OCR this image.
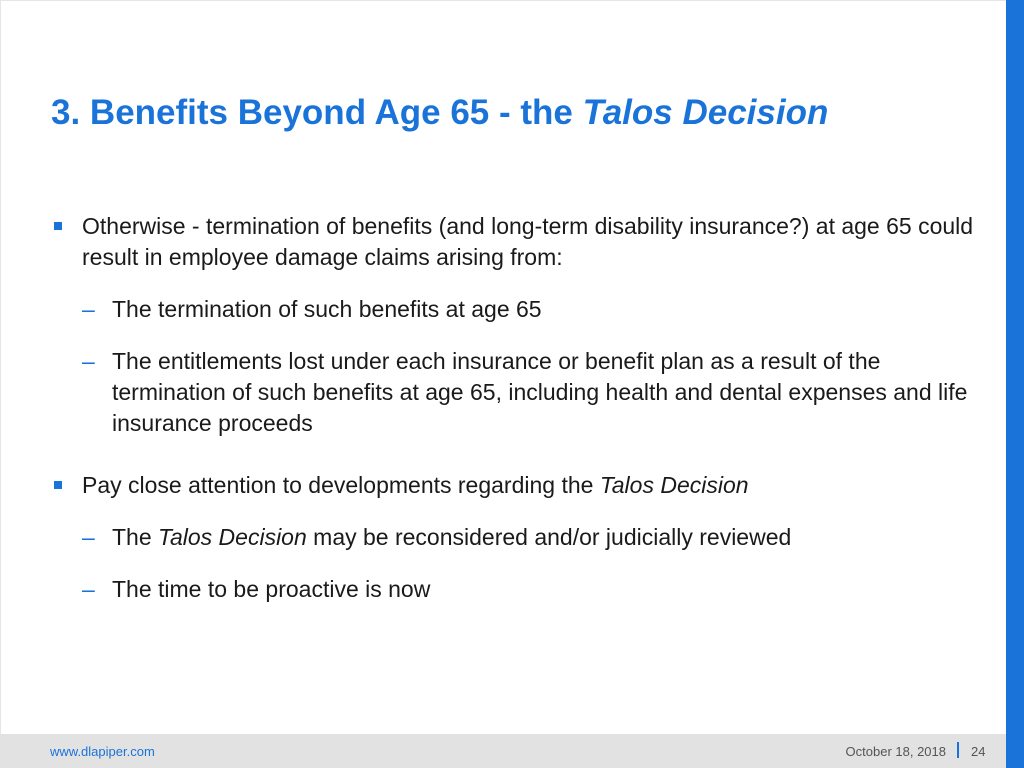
3. Benefits Beyond Age 65 - the Talos Decision
Otherwise - termination of benefits (and long-term disability insurance?) at age 65 could result in employee damage claims arising from:
– The termination of such benefits at age 65
– The entitlements lost under each insurance or benefit plan as a result of the termination of such benefits at age 65, including health and dental expenses and life insurance proceeds
Pay close attention to developments regarding the Talos Decision
– The Talos Decision may be reconsidered and/or judicially reviewed
– The time to be proactive is now
www.dlapiper.com	October 18, 2018 24
